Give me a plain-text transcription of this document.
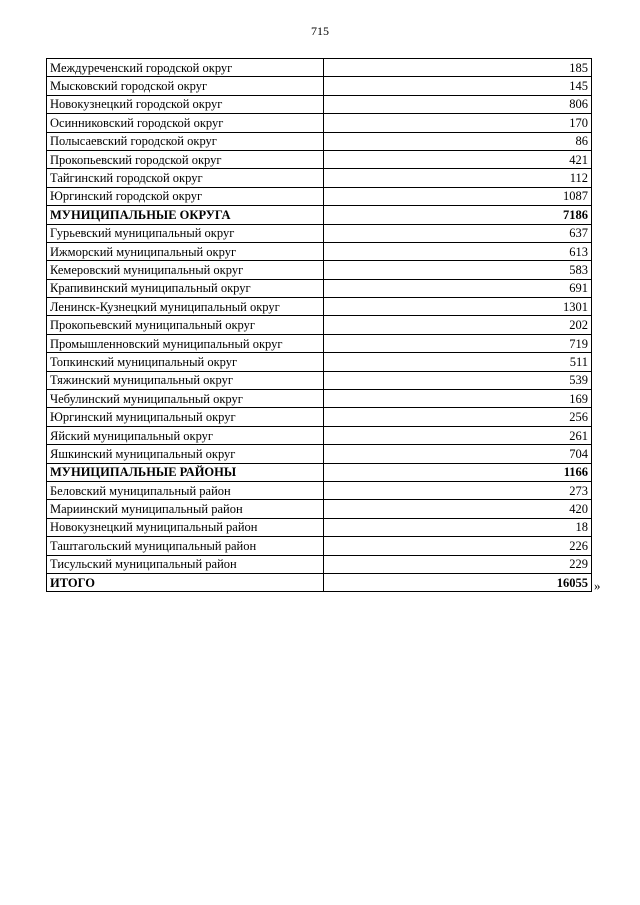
715
Междуреченский городской округ	185
Мысковский городской округ	145
Новокузнецкий городской округ	806
Осинниковский городской округ	170
Полысаевский городской округ	86
Прокопьевский городской округ	421
Тайгинский городской округ	112
Юргинский городской округ	1087
МУНИЦИПАЛЬНЫЕ ОКРУГА	7186
Гурьевский муниципальный округ	637
Ижморский муниципальный округ	613
Кемеровский муниципальный округ	583
Крапивинский муниципальный округ	691
Ленинск-Кузнецкий муниципальный округ	1301
Прокопьевский муниципальный округ	202
Промышленновский муниципальный округ	719
Топкинский муниципальный округ	511
Тяжинский муниципальный округ	539
Чебулинский муниципальный округ	169
Юргинский муниципальный округ	256
Яйский муниципальный округ	261
Яшкинский муниципальный округ	704
МУНИЦИПАЛЬНЫЕ РАЙОНЫ	1166
Беловский муниципальный район	273
Мариинский муниципальный район	420
Новокузнецкий муниципальный район	18
Таштагольский муниципальный район	226
Тисульский муниципальный район	229
ИТОГО	16055 »
